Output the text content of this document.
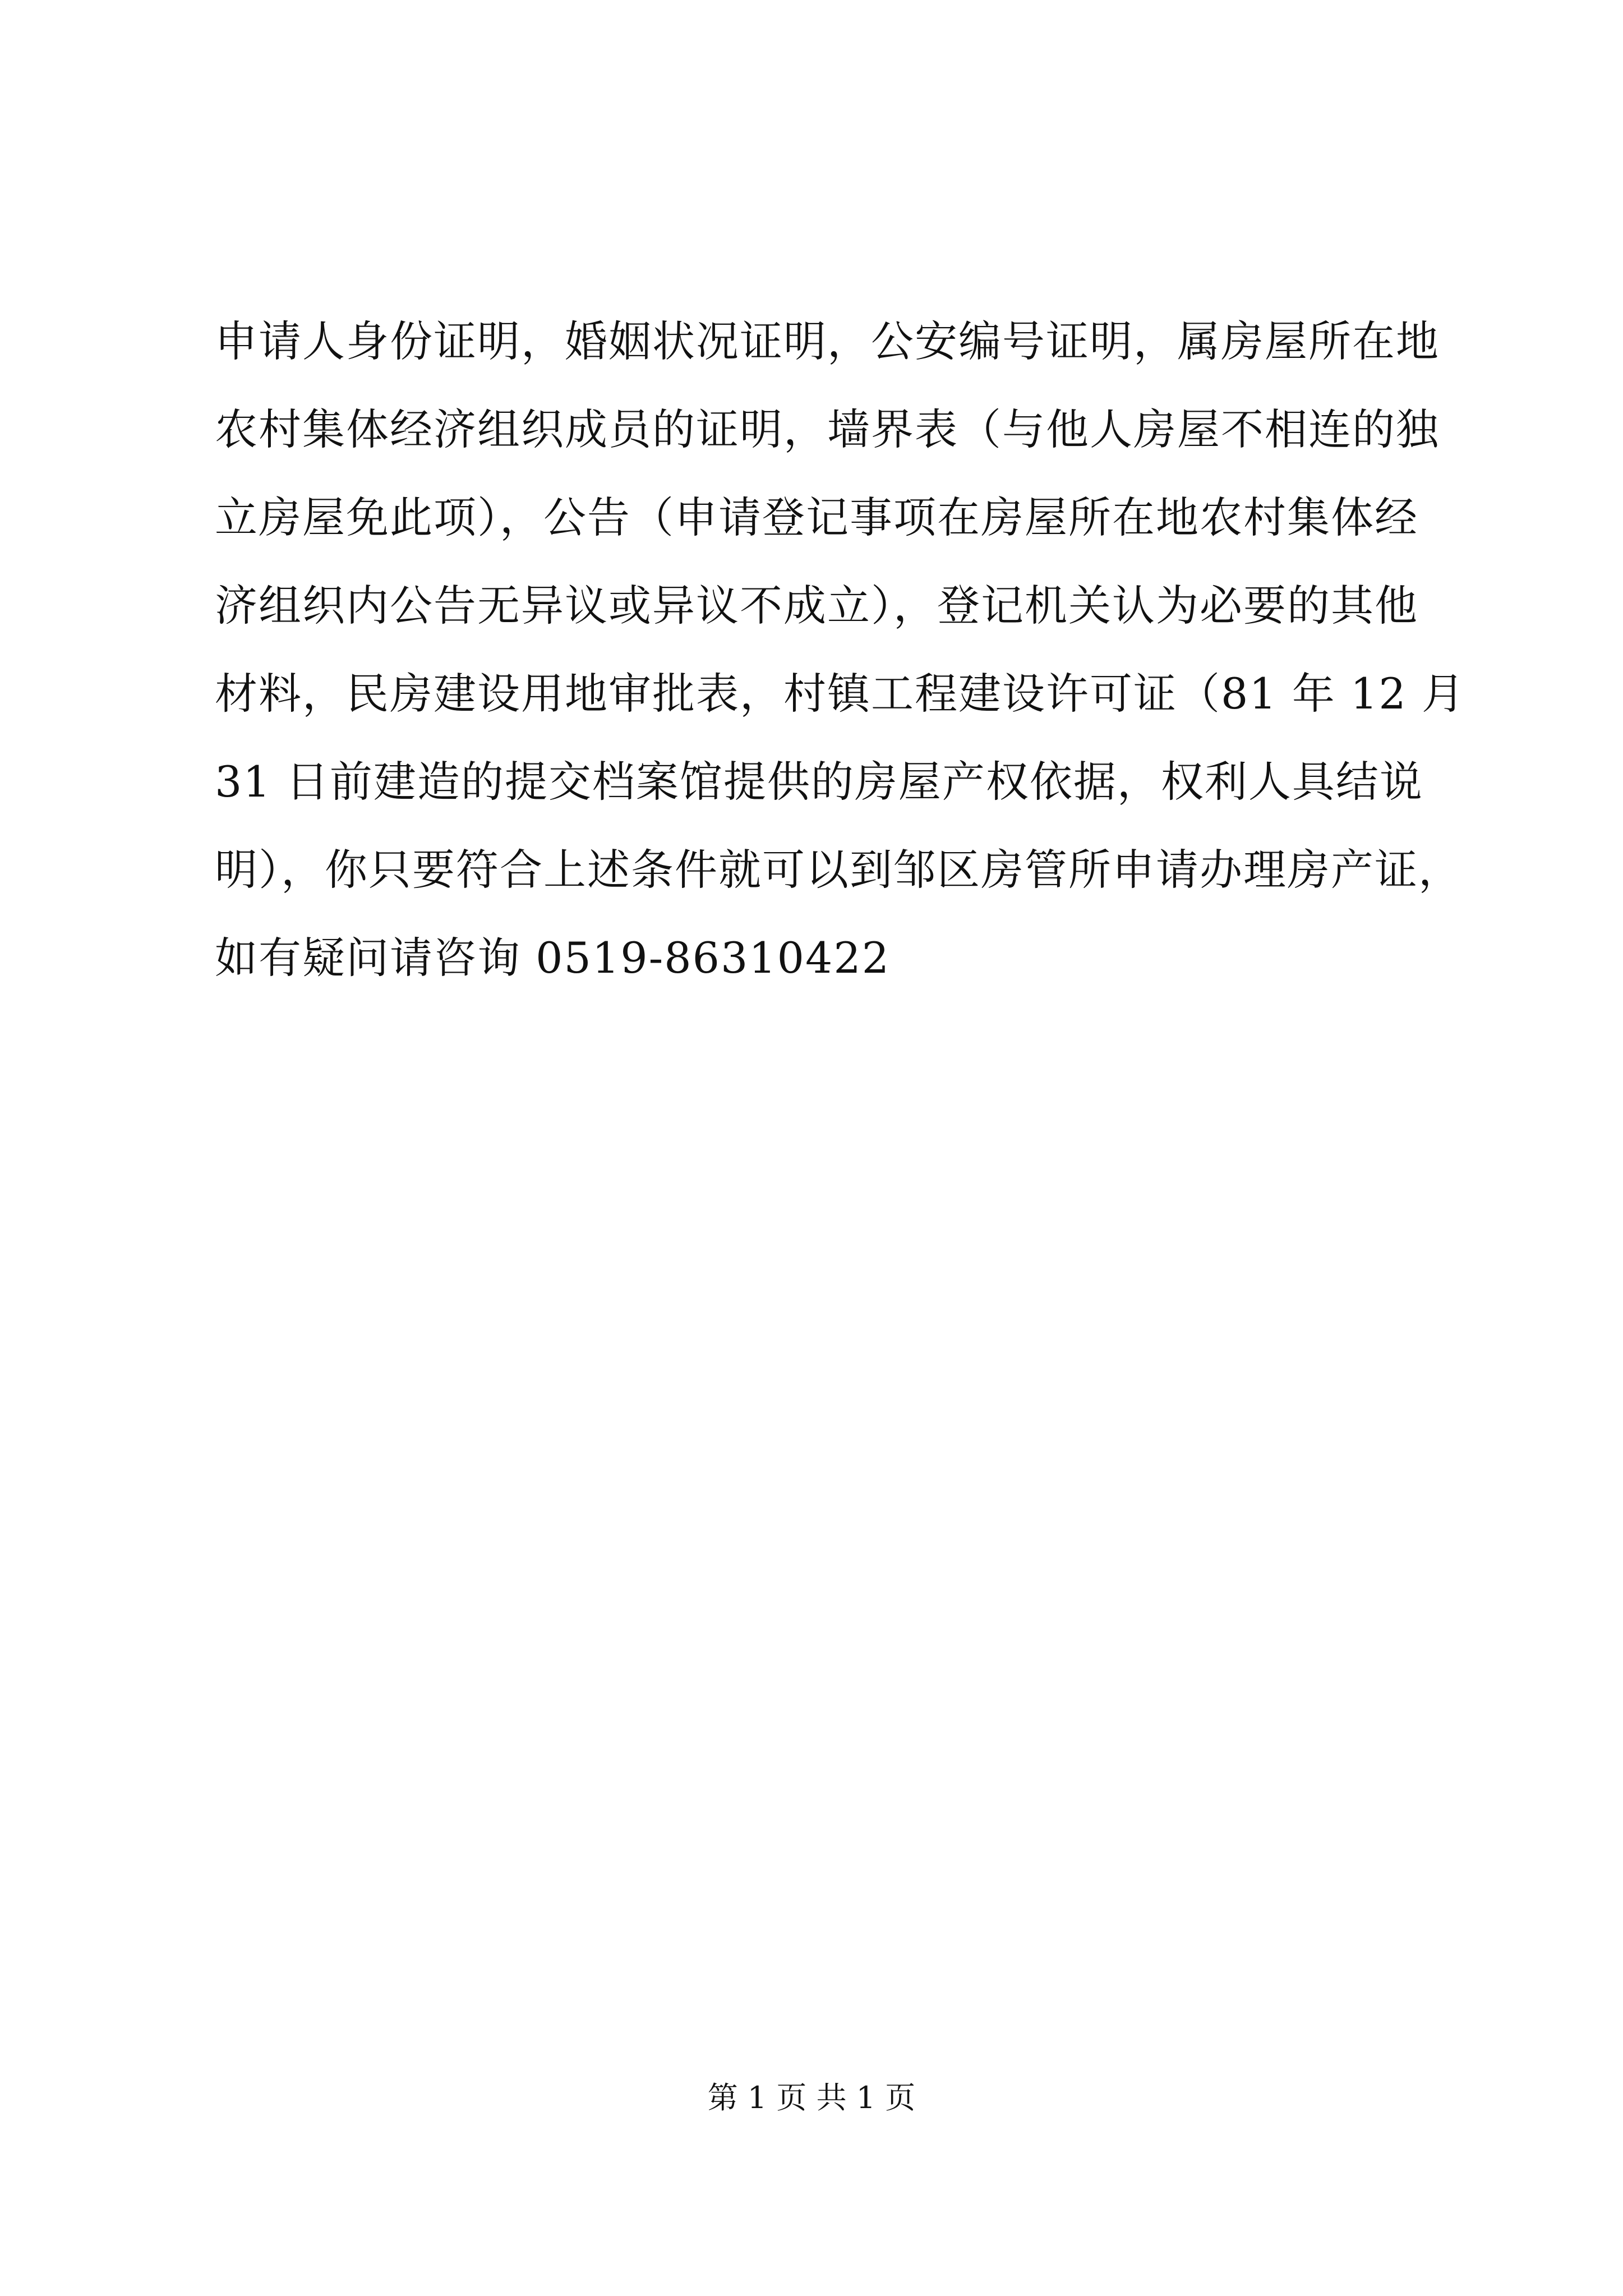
申请人身份证明，婚姻状况证明，公安编号证明，属房屋所在地
农村集体经济组织成员的证明，墙界表（与他人房屋不相连的独
立房屋免此项），公告（申请登记事项在房屋所在地农村集体经
济组织内公告无异议或异议不成立），登记机关认为必要的其他
材料，民房建设用地审批表，村镇工程建设许可证（81 年 12 月
31 日前建造的提交档案馆提供的房屋产权依据，权利人具结说
明），你只要符合上述条件就可以到邹区房管所申请办理房产证，
如有疑问请咨询 0519-86310422
第 1 页 共 1 页
